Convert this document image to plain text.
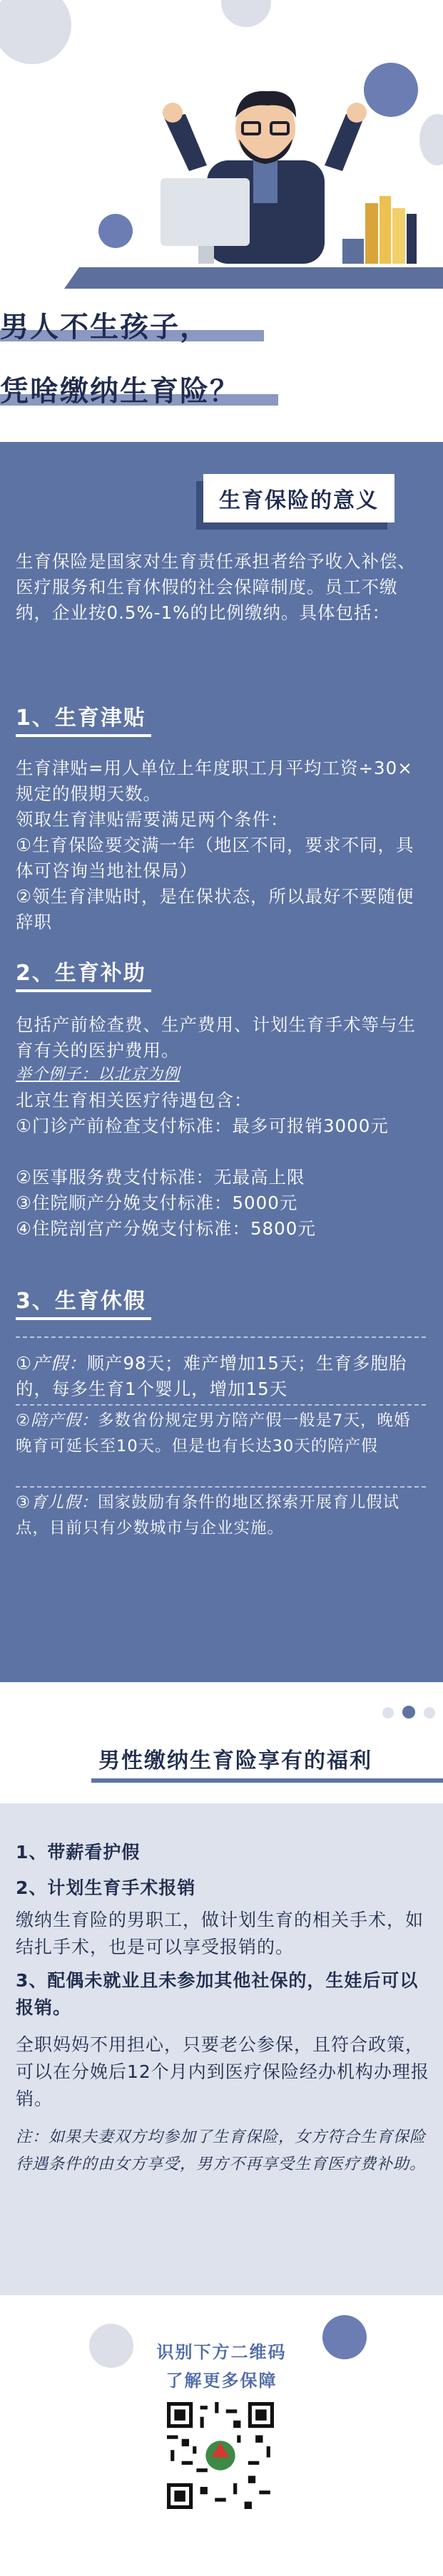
男人不生孩子，
凭啥缴纳生育险？
生育保险的意义
生育保险是国家对生育责任承担者给予收入补偿、医疗服务和生育休假的社会保障制度。员工不缴纳，企业按0.5%-1%的比例缴纳。具体包括：
1、生育津贴
生育津贴=用人单位上年度职工月平均工资÷30×规定的假期天数。
领取生育津贴需要满足两个条件：
①生育保险要交满一年（地区不同，要求不同，具体可咨询当地社保局）
②领生育津贴时，是在保状态，所以最好不要随便辞职
2、生育补助
包括产前检查费、生产费用、计划生育手术等与生育有关的医护费用。
举个例子：以北京为例
北京生育相关医疗待遇包含：
①门诊产前检查支付标准：最多可报销3000元
②医事服务费支付标准：无最高上限
③住院顺产分娩支付标准：5000元
④住院剖宫产分娩支付标准：5800元
3、生育休假
①产假：顺产98天；难产增加15天；生育多胞胎的，每多生育1个婴儿，增加15天
②陪产假：多数省份规定男方陪产假一般是7天，晚婚晚育可延长至10天。但是也有长达30天的陪产假
③育儿假：国家鼓励有条件的地区探索开展育儿假试点，目前只有少数城市与企业实施。
男性缴纳生育险享有的福利
1、带薪看护假
2、计划生育手术报销
缴纳生育险的男职工，做计划生育的相关手术，如结扎手术，也是可以享受报销的。
3、配偶未就业且未参加其他社保的，生娃后可以报销。
全职妈妈不用担心，只要老公参保，且符合政策，可以在分娩后12个月内到医疗保险经办机构办理报销。
注：如果夫妻双方均参加了生育保险，女方符合生育保险待遇条件的由女方享受，男方不再享受生育医疗费补助。
识别下方二维码
了解更多保障
